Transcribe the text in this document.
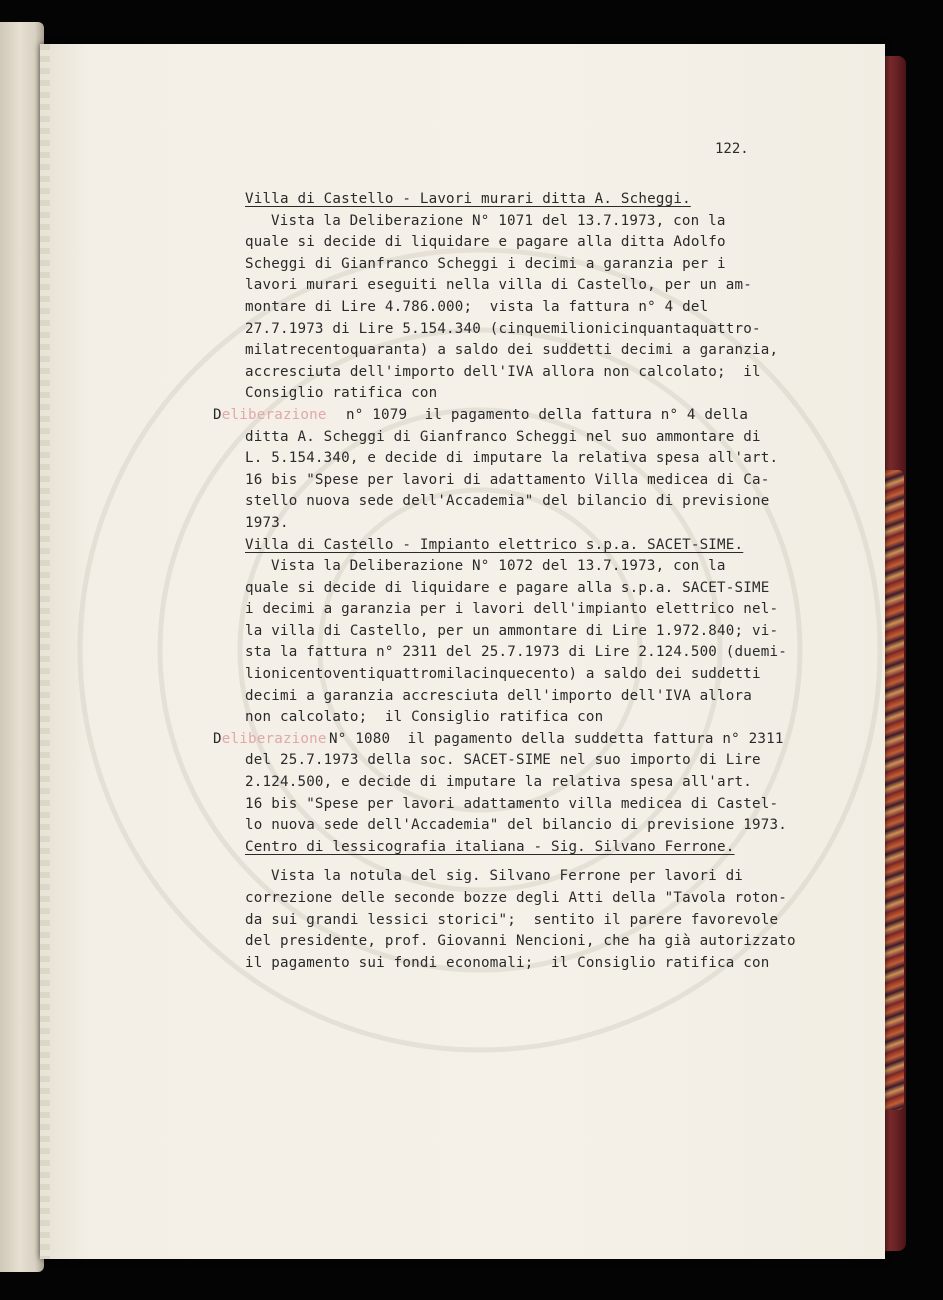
122.
Villa di Castello - Lavori murari ditta A. Scheggi.
Vista la Deliberazione N° 1071 del 13.7.1973, con la
quale si decide di liquidare e pagare alla ditta Adolfo
Scheggi di Gianfranco Scheggi i decimi a garanzia per i
lavori murari eseguiti nella villa di Castello, per un am-
montare di Lire 4.786.000;  vista la fattura n° 4 del
27.7.1973 di Lire 5.154.340 (cinquemilionicinquantaquattro-
milatrecentoquaranta) a saldo dei suddetti decimi a garanzia,
accresciuta dell'importo dell'IVA allora non calcolato;  il
Consiglio ratifica con
Deliberazione	n° 1079  il pagamento della fattura n° 4 della
ditta A. Scheggi di Gianfranco Scheggi nel suo ammontare di
L. 5.154.340, e decide di imputare la relativa spesa all'art.
16 bis "Spese per lavori di adattamento Villa medicea di Ca-
stello nuova sede dell'Accademia" del bilancio di previsione
1973.
Villa di Castello - Impianto elettrico s.p.a. SACET-SIME.
Vista la Deliberazione N° 1072 del 13.7.1973, con la
quale si decide di liquidare e pagare alla s.p.a. SACET-SIME
i decimi a garanzia per i lavori dell'impianto elettrico nel-
la villa di Castello, per un ammontare di Lire 1.972.840; vi-
sta la fattura n° 2311 del 25.7.1973 di Lire 2.124.500 (duemi-
lionicentoventiquattromilacinquecento) a saldo dei suddetti
decimi a garanzia accresciuta dell'importo dell'IVA allora
non calcolato;  il Consiglio ratifica con
Deliberazione N° 1080  il pagamento della suddetta fattura n° 2311
del 25.7.1973 della soc. SACET-SIME nel suo importo di Lire
2.124.500, e decide di imputare la relativa spesa all'art.
16 bis "Spese per lavori adattamento villa medicea di Castel-
lo nuova sede dell'Accademia" del bilancio di previsione 1973.
Centro di lessicografia italiana - Sig. Silvano Ferrone.
Vista la notula del sig. Silvano Ferrone per lavori di
correzione delle seconde bozze degli Atti della "Tavola roton-
da sui grandi lessici storici";  sentito il parere favorevole
del presidente, prof. Giovanni Nencioni, che ha già autorizzato
il pagamento sui fondi economali;  il Consiglio ratifica con
